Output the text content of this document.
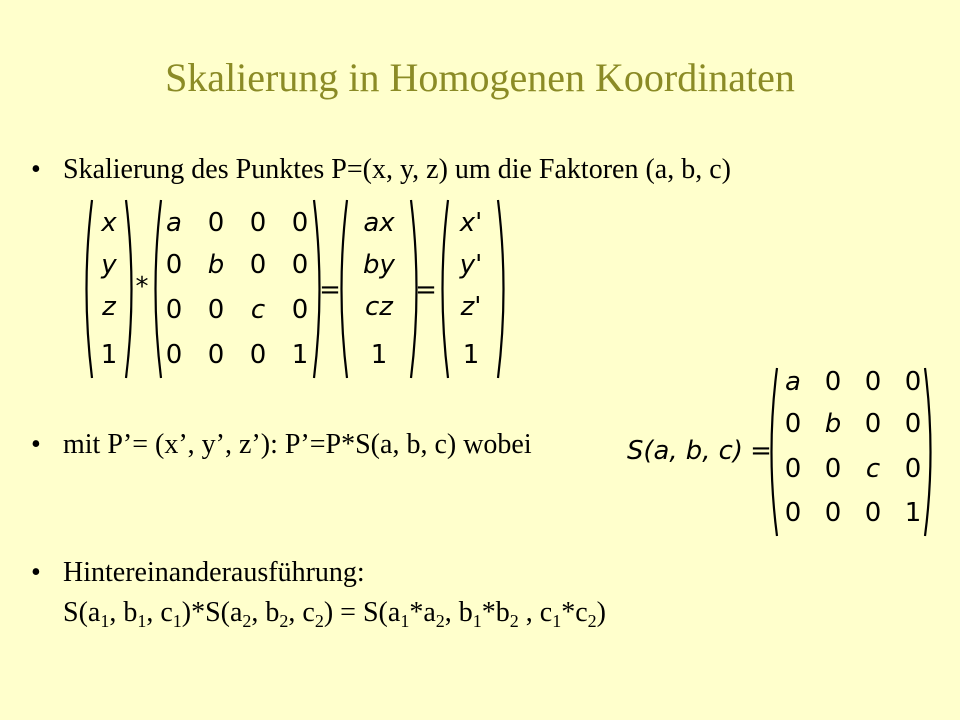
Skalierung in Homogenen Koordinaten
• Skalierung des Punktes P=(x, y, z) um die Faktoren (a, b, c)
x
y
z
1
*
a 0 0 0
0 b 0 0
0 0 c 0
0 0 0 1
=
ax
by
cz
1
=
x'
y'
z'
1
• mit P’= (x’, y’, z’): P’=P*S(a, b, c) wobei	S(a, b, c) =
a 0 0 0
0 b 0 0
0 0 c 0
0 0 0 1
• Hintereinanderausführung:
$S(a_1$, $b_1$, $c_1)*S(a_2$, $b_2$, $c_2) = S(a_1*a_2$, $b_1*b_2$ , $c_1*c_2$)
